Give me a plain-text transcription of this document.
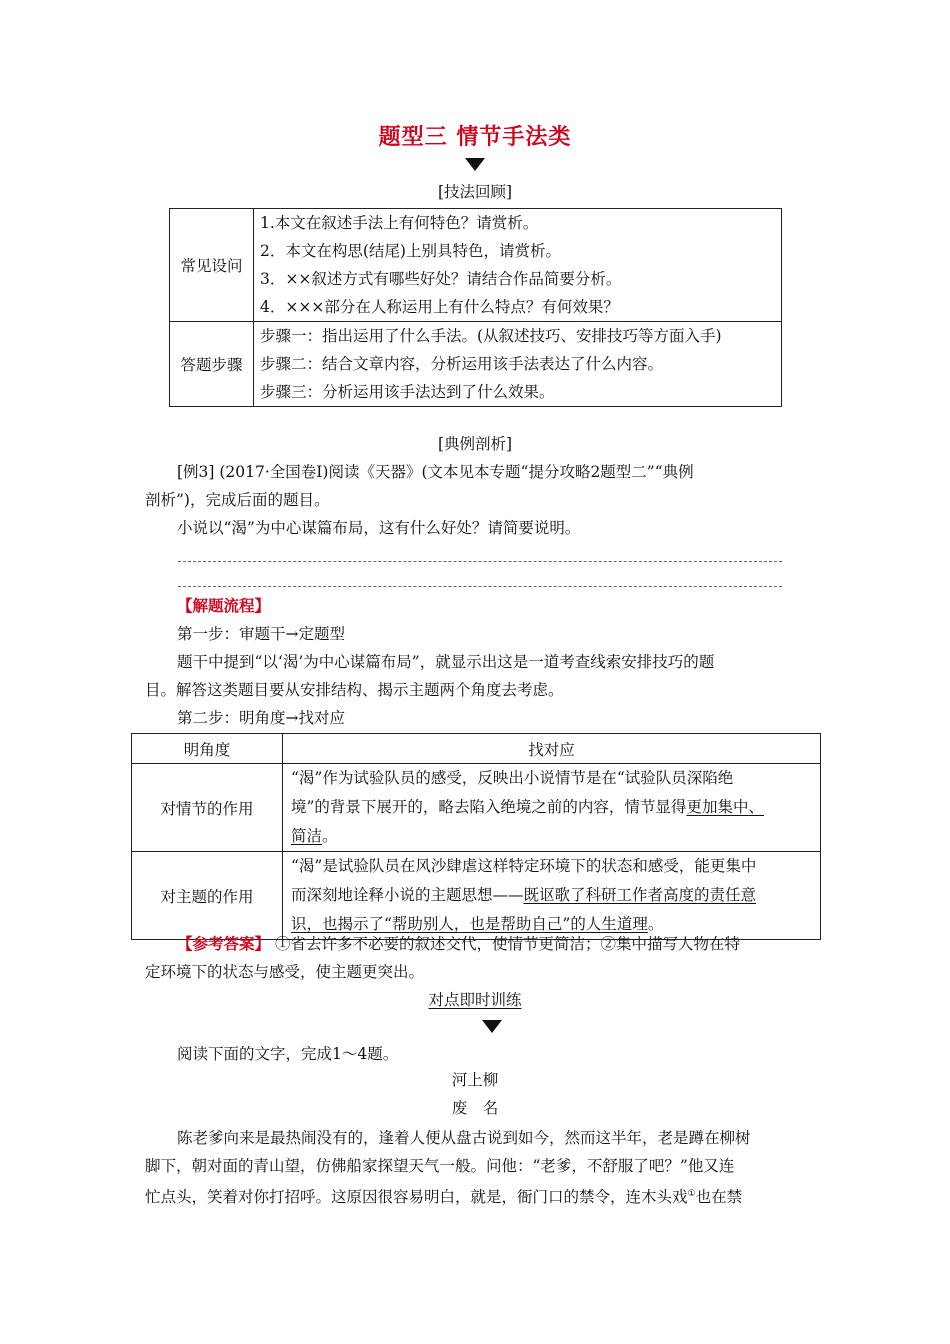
题型三 情节手法类
[技法回顾]
常见设问	1.本文在叙述手法上有何特色？请赏析。
2．本文在构思(结尾)上别具特色，请赏析。
3．××叙述方式有哪些好处？请结合作品简要分析。
4．×××部分在人称运用上有什么特点？有何效果？

答题步骤	步骤一：指出运用了什么手法。(从叙述技巧、安排技巧等方面入手)
步骤二：结合文章内容，分析运用该手法表达了什么内容。
步骤三：分析运用该手法达到了什么效果。
[典例剖析]
[例3] (2017·全国卷Ⅰ)阅读《天器》(文本见本专题“提分攻略2题型二”“典例
剖析”)，完成后面的题目。
小说以“渴”为中心谋篇布局，这有什么好处？请简要说明。
【解题流程】
第一步：审题干→定题型
题干中提到“以‘渴’为中心谋篇布局”，就显示出这是一道考查线索安排技巧的题
目。解答这类题目要从安排结构、揭示主题两个角度去考虑。
第二步：明角度→找对应
明角度	找对应
对情节的作用	“渴”作为试验队员的感受，反映出小说情节是在“试验队员深陷绝
境”的背景下展开的，略去陷入绝境之前的内容，情节显得更加集中、
简洁。

对主题的作用	“渴”是试验队员在风沙肆虐这样特定环境下的状态和感受，能更集中
而深刻地诠释小说的主题思想——既讴歌了科研工作者高度的责任意
识，也揭示了“帮助别人，也是帮助自己”的人生道理。
【参考答案】 ①省去许多不必要的叙述交代，使情节更简洁；②集中描写人物在特
定环境下的状态与感受，使主题更突出。
对点即时训练
阅读下面的文字，完成1～4题。
河上柳
废　名
陈老爹向来是最热闹没有的，逢着人便从盘古说到如今，然而这半年，老是蹲在柳树
脚下，朝对面的青山望，仿佛船家探望天气一般。问他：“老爹，不舒服了吧？”他又连
忙点头，笑着对你打招呼。这原因很容易明白，就是，衙门口的禁令，连木头戏①也在禁
